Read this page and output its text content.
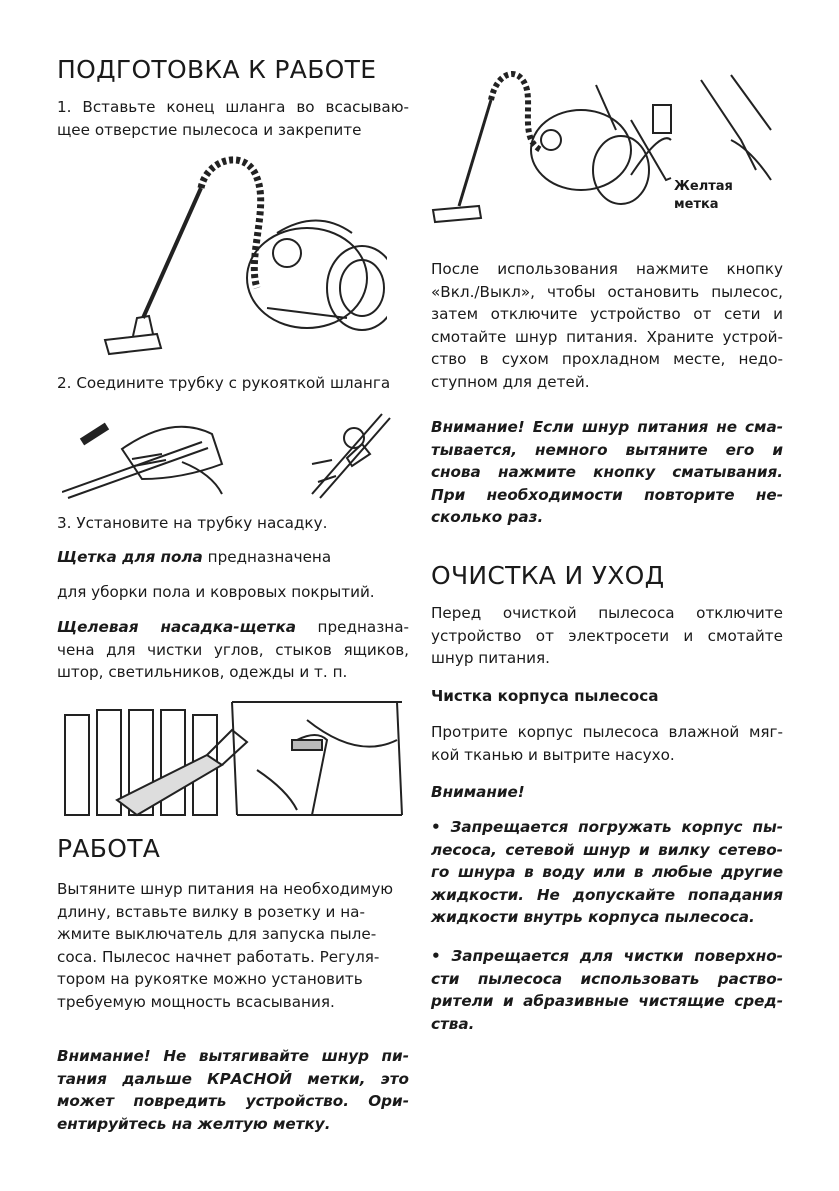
ПОДГОТОВКА К РАБОТЕ

1. Вставьте конец шланга во всасываю-щее отверстие пылесоса и закрепите

2. Соедините трубку с рукояткой шланга

3. Установите на трубку насадку.

Щетка для пола предназначена

для уборки пола и ковровых покрытий.

Щелевая насадка-щетка предназна-чена для чистки углов, стыков ящиков, штор, светильников, одежды и т. п.

РАБОТА

Вытяните шнур питания на необходимую длину, вставьте вилку в розетку и на-жмите выключатель для запуска пыле-соса. Пылесос начнет работать. Регуля-тором на рукоятке можно установить требуемую мощность всасывания.

Внимание! Не вытягивайте шнур пи-тания дальше КРАСНОЙ метки, это может повредить устройство. Ори-ентируйтесь на желтую метку.

Желтая
метка

После использования нажмите кнопку «Вкл./Выкл», чтобы остановить пылесос, затем отключите устройство от сети и смотайте шнур питания. Храните устрой-ство в сухом прохладном месте, недо-ступном для детей.

Внимание! Если шнур питания не сма-тывается, немного вытяните его и снова нажмите кнопку сматывания. При необходимости повторите не-сколько раз.

ОЧИСТКА И УХОД

Перед очисткой пылесоса отключите устройство от электросети и смотайте шнур питания.

Чистка корпуса пылесоса

Протрите корпус пылесоса влажной мяг-кой тканью и вытрите насухо.

Внимание!

• Запрещается погружать корпус пы-лесоса, сетевой шнур и вилку сетево-го шнура в воду или в любые другие жидкости. Не допускайте попадания жидкости внутрь корпуса пылесоса.

• Запрещается для чистки поверхно-сти пылесоса использовать раство-рители и абразивные чистящие сред-ства.
